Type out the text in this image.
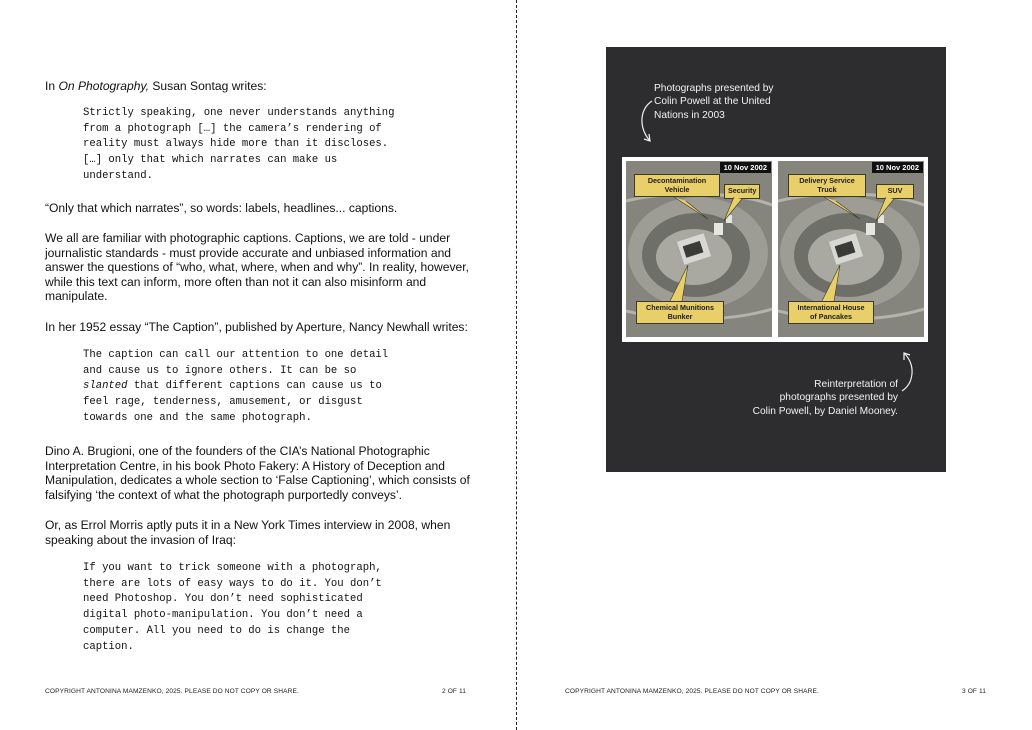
In On Photography, Susan Sontag writes:

Strictly speaking, one never understands anything
from a photograph […] the camera’s rendering of
reality must always hide more than it discloses.
[…] only that which narrates can make us
understand.

“Only that which narrates”, so words: labels, headlines... captions.

We all are familiar with photographic captions. Captions, we are told - under journalistic standards - must provide accurate and unbiased information and answer the questions of “who, what, where, when and why”. In reality, however, while this text can inform, more often than not it can also misinform and manipulate.

In her 1952 essay “The Caption”, published by Aperture, Nancy Newhall writes:

The caption can call our attention to one detail
and cause us to ignore others. It can be so
slanted that different captions can cause us to
feel rage, tenderness, amusement, or disgust
towards one and the same photograph.

Dino A. Brugioni, one of the founders of the CIA’s National Photographic Interpretation Centre, in his book Photo Fakery: A History of Deception and Manipulation, dedicates a whole section to ‘False Captioning’, which consists of falsifying ‘the context of what the photograph purportedly conveys’.

Or, as Errol Morris aptly puts it in a New York Times interview in 2008, when speaking about the invasion of Iraq:

If you want to trick someone with a photograph,
there are lots of easy ways to do it. You don’t
need Photoshop. You don’t need sophisticated
digital photo-manipulation. You don’t need a
computer. All you need to do is change the
caption.

COPYRIGHT ANTONINA MAMZENKO, 2025. PLEASE DO NOT COPY OR SHARE.	2 OF 11

Photographs presented by
Colin Powell at the United
Nations in 2003

10 Nov 2002
Decontamination
Vehicle	Security
Chemical Munitions
Bunker
10 Nov 2002
Delivery Service
Truck	SUV
International House
of Pancakes

Reinterpretation of
photographs presented by
Colin Powell, by Daniel Mooney.

COPYRIGHT ANTONINA MAMZENKO, 2025. PLEASE DO NOT COPY OR SHARE.	3 OF 11
